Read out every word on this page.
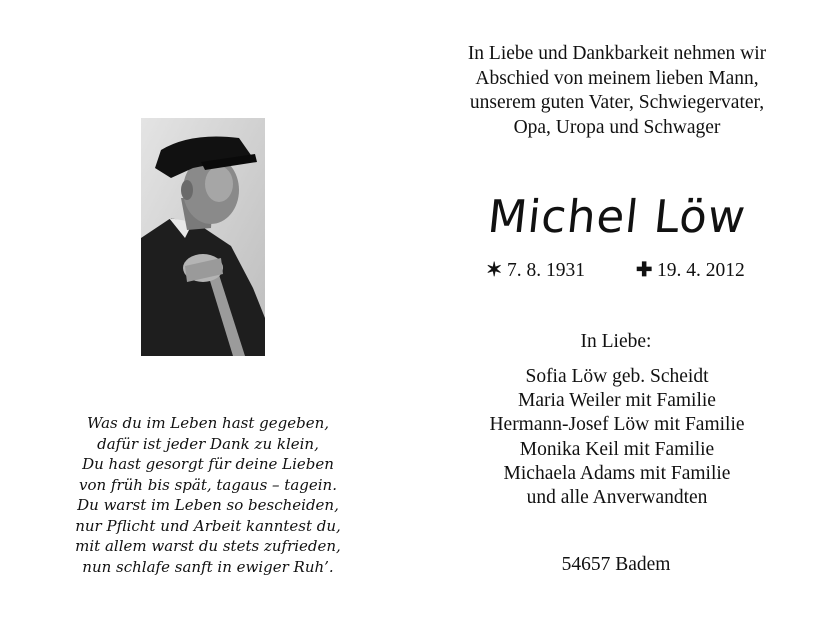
Was du im Leben hast gegeben,
dafür ist jeder Dank zu klein,
Du hast gesorgt für deine Lieben
von früh bis spät, tagaus – tagein.
Du warst im Leben so bescheiden,
nur Pflicht und Arbeit kanntest du,
mit allem warst du stets zufrieden,
nun schlafe sanft in ewiger Ruh’.
In Liebe und Dankbarkeit nehmen wir
Abschied von meinem lieben Mann,
unserem guten Vater, Schwiegervater,
Opa, Uropa und Schwager
Michel Löw
✶ 7. 8. 1931	✚ 19. 4. 2012
In Liebe:
Sofia Löw geb. Scheidt
Maria Weiler mit Familie
Hermann-Josef Löw mit Familie
Monika Keil mit Familie
Michaela Adams mit Familie
und alle Anverwandten
54657 Badem
